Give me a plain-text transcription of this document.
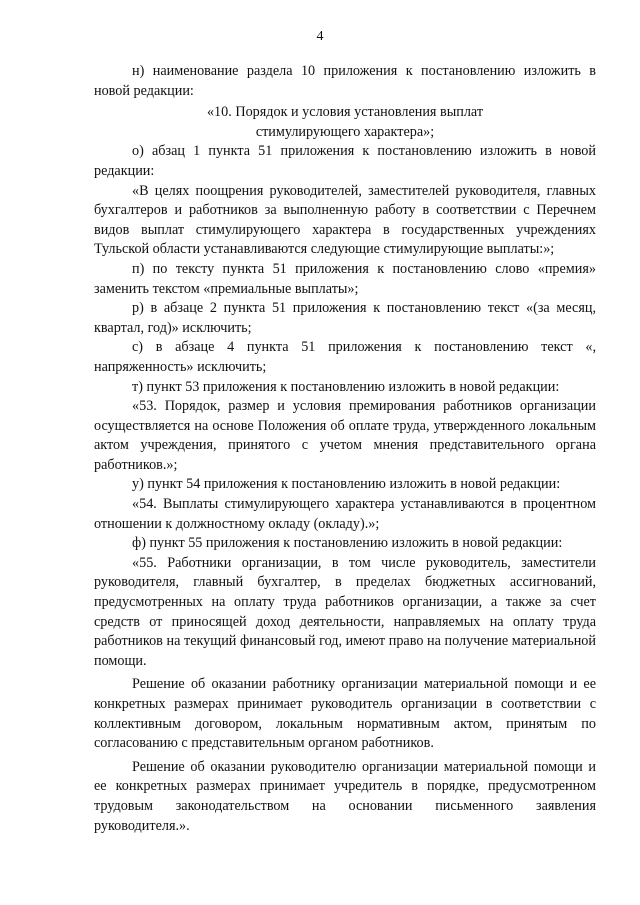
4

н) наименование раздела 10 приложения к постановлению изложить в новой редакции:

«10. Порядок и условия установления выплат

стимулирующего характера»;

о) абзац 1 пункта 51 приложения к постановлению изложить в новой редакции:

«В целях поощрения руководителей, заместителей руководителя, главных бухгалтеров и работников за выполненную работу в соответствии с Перечнем видов выплат стимулирующего характера в государственных учреждениях Тульской области устанавливаются следующие стимулирующие выплаты:»;

п) по тексту пункта 51 приложения к постановлению слово «премия» заменить текстом «премиальные выплаты»;

р) в абзаце 2 пункта 51 приложения к постановлению текст «(за месяц, квартал, год)» исключить;

с) в абзаце 4 пункта 51 приложения к постановлению текст «, напряженность» исключить;

т) пункт 53 приложения к постановлению изложить в новой редакции:

«53. Порядок, размер и условия премирования работников организации осуществляется на основе Положения об оплате труда, утвержденного локальным актом учреждения, принятого с учетом мнения представительного органа работников.»;

у) пункт 54 приложения к постановлению изложить в новой редакции:

«54. Выплаты стимулирующего характера устанавливаются в процентном отношении к должностному окладу (окладу).»;

ф) пункт 55 приложения к постановлению изложить в новой редакции:

«55. Работники организации, в том числе руководитель, заместители руководителя, главный бухгалтер, в пределах бюджетных ассигнований, предусмотренных на оплату труда работников организации, а также за счет средств от приносящей доход деятельности, направляемых на оплату труда работников на текущий финансовый год, имеют право на получение материальной помощи.

Решение об оказании работнику организации материальной помощи и ее конкретных размерах принимает руководитель организации в соответствии с коллективным договором, локальным нормативным актом, принятым по согласованию с представительным органом работников.

Решение об оказании руководителю организации материальной помощи и ее конкретных размерах принимает учредитель в порядке, предусмотренном трудовым законодательством на основании письменного заявления руководителя.».
